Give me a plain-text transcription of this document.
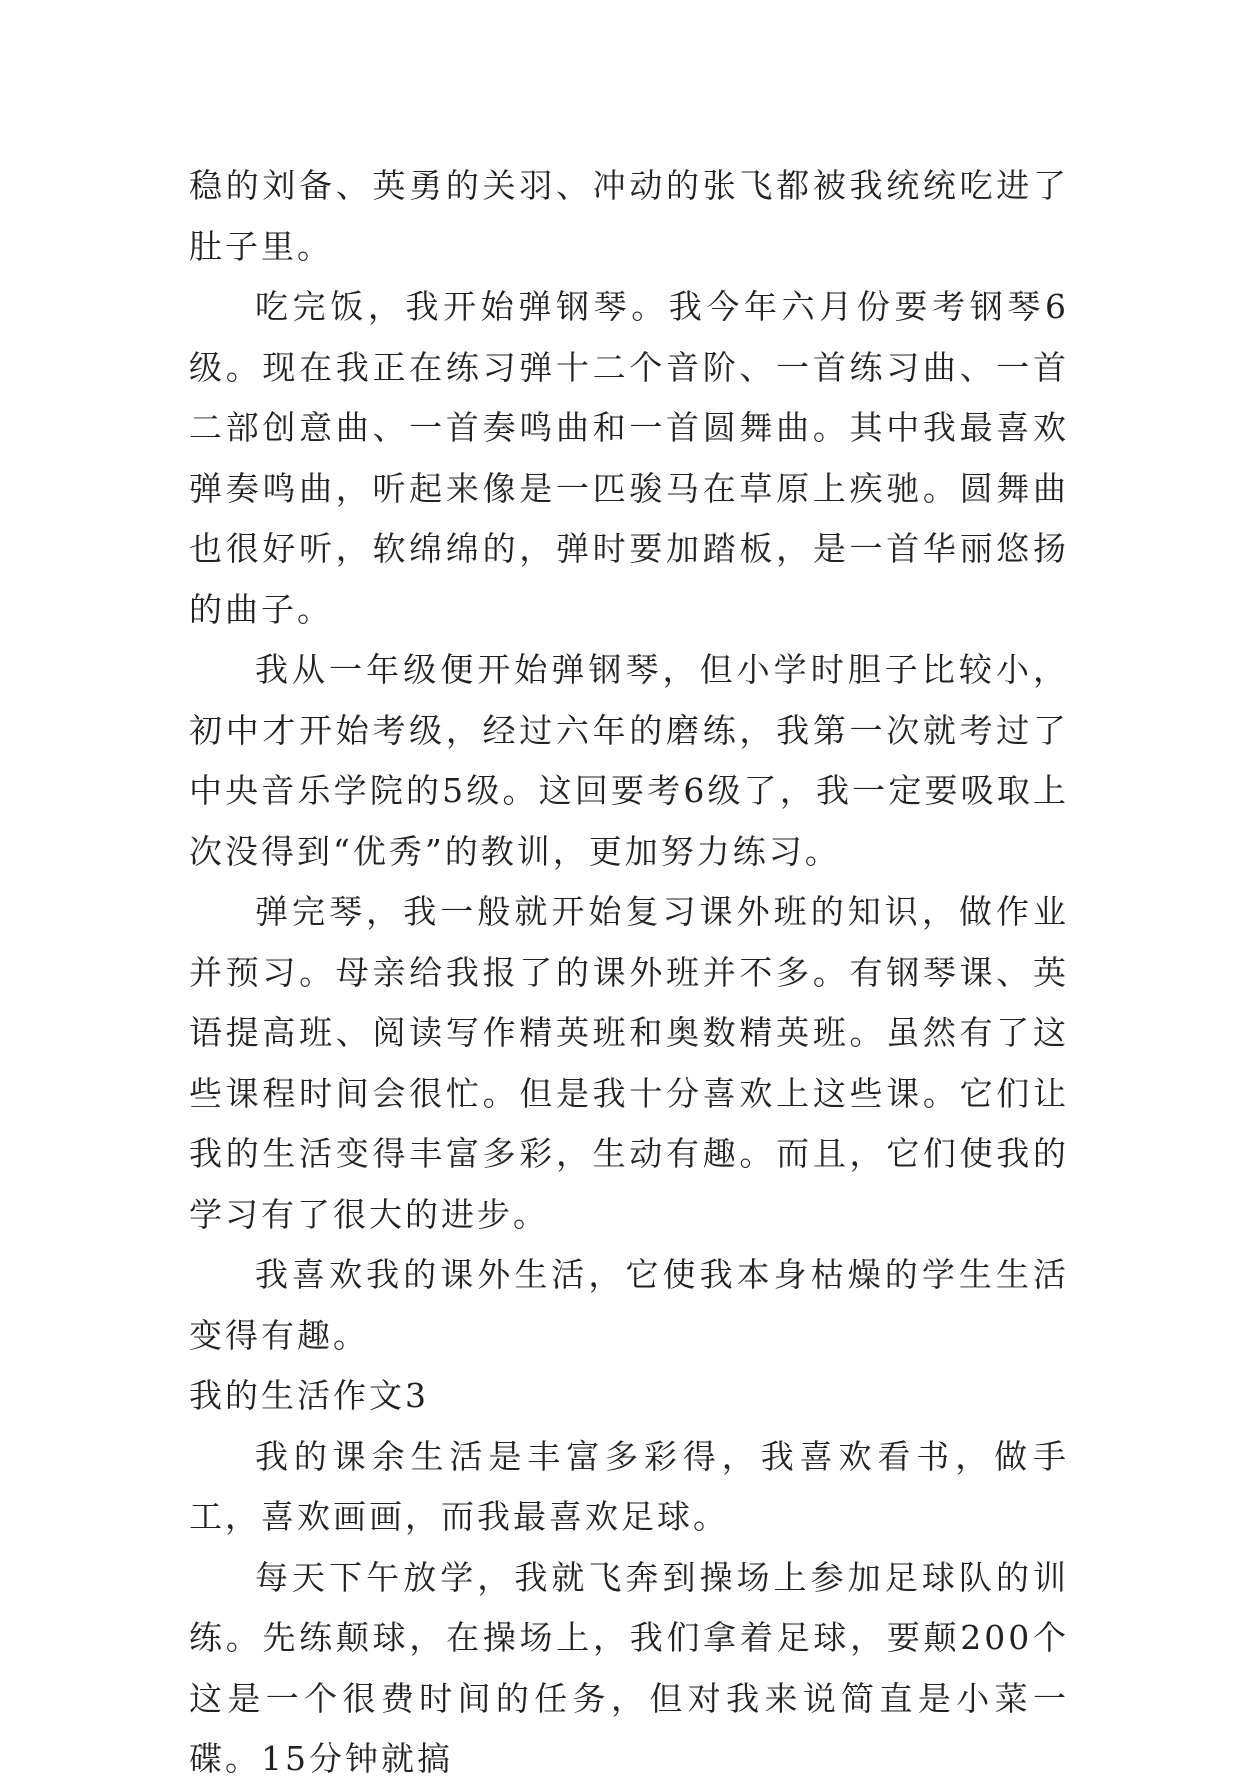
稳的刘备、英勇的关羽、冲动的张飞都被我统统吃进了肚子里。

吃完饭，我开始弹钢琴。我今年六月份要考钢琴6级。现在我正在练习弹十二个音阶、一首练习曲、一首二部创意曲、一首奏鸣曲和一首圆舞曲。其中我最喜欢弹奏鸣曲，听起来像是一匹骏马在草原上疾驰。圆舞曲也很好听，软绵绵的，弹时要加踏板，是一首华丽悠扬的曲子。

我从一年级便开始弹钢琴，但小学时胆子比较小，初中才开始考级，经过六年的磨练，我第一次就考过了中央音乐学院的5级。这回要考6级了，我一定要吸取上次没得到“优秀”的教训，更加努力练习。

弹完琴，我一般就开始复习课外班的知识，做作业并预习。母亲给我报了的课外班并不多。有钢琴课、英语提高班、阅读写作精英班和奥数精英班。虽然有了这些课程时间会很忙。但是我十分喜欢上这些课。它们让我的生活变得丰富多彩，生动有趣。而且，它们使我的学习有了很大的进步。

我喜欢我的课外生活，它使我本身枯燥的学生生活变得有趣。

我的生活作文3

我的课余生活是丰富多彩得，我喜欢看书，做手工，喜欢画画，而我最喜欢足球。

每天下午放学，我就飞奔到操场上参加足球队的训练。先练颠球，在操场上，我们拿着足球，要颠200个这是一个很费时间的任务，但对我来说简直是小菜一碟。15分钟就搞
